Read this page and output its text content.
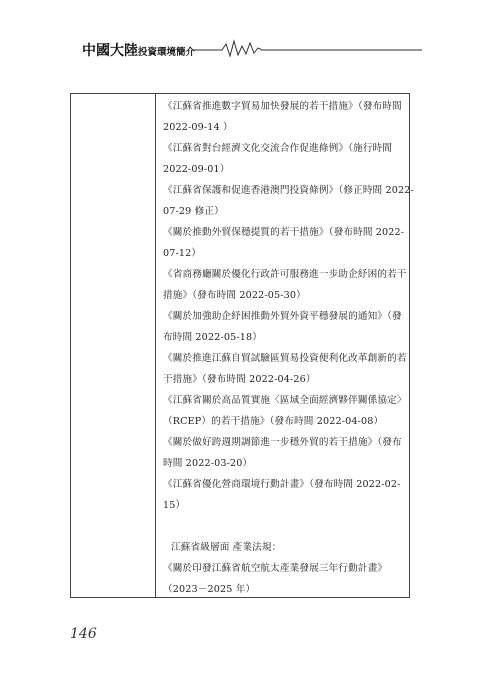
中國大陸投資環境簡介
《江蘇省推進數字貿易加快發展的若干措施》（發布時間
2022-09-14 ）
《江蘇省對台經濟文化交流合作促進條例》（施行時間
2022-09-01）
《江蘇省保護和促進香港澳門投資條例》（修正時間 2022-
07-29 修正）
《關於推動外貿保穩提質的若干措施》（發布時間 2022-
07-12）
《省商務廳關於優化行政許可服務進一步助企紓困的若干
措施》（發布時間 2022-05-30）
《關於加強助企紓困推動外貿外資平穩發展的通知》（發
布時間 2022-05-18）
《關於推進江蘇自貿試驗區貿易投資便利化改革創新的若
干措施》（發布時間 2022-04-26）
《江蘇省關於高品質實施〈區域全面經濟夥伴關係協定〉
（RCEP）的若干措施》（發布時間 2022-04-08）
《關於做好跨週期調節進一步穩外貿的若干措施》（發布
時間 2022-03-20）
《江蘇省優化營商環境行動計畫》（發布時間 2022-02-
15）
江蘇省級層面 產業法規：
《關於印發江蘇省航空航太產業發展三年行動計畫》
（2023－2025 年）
146
